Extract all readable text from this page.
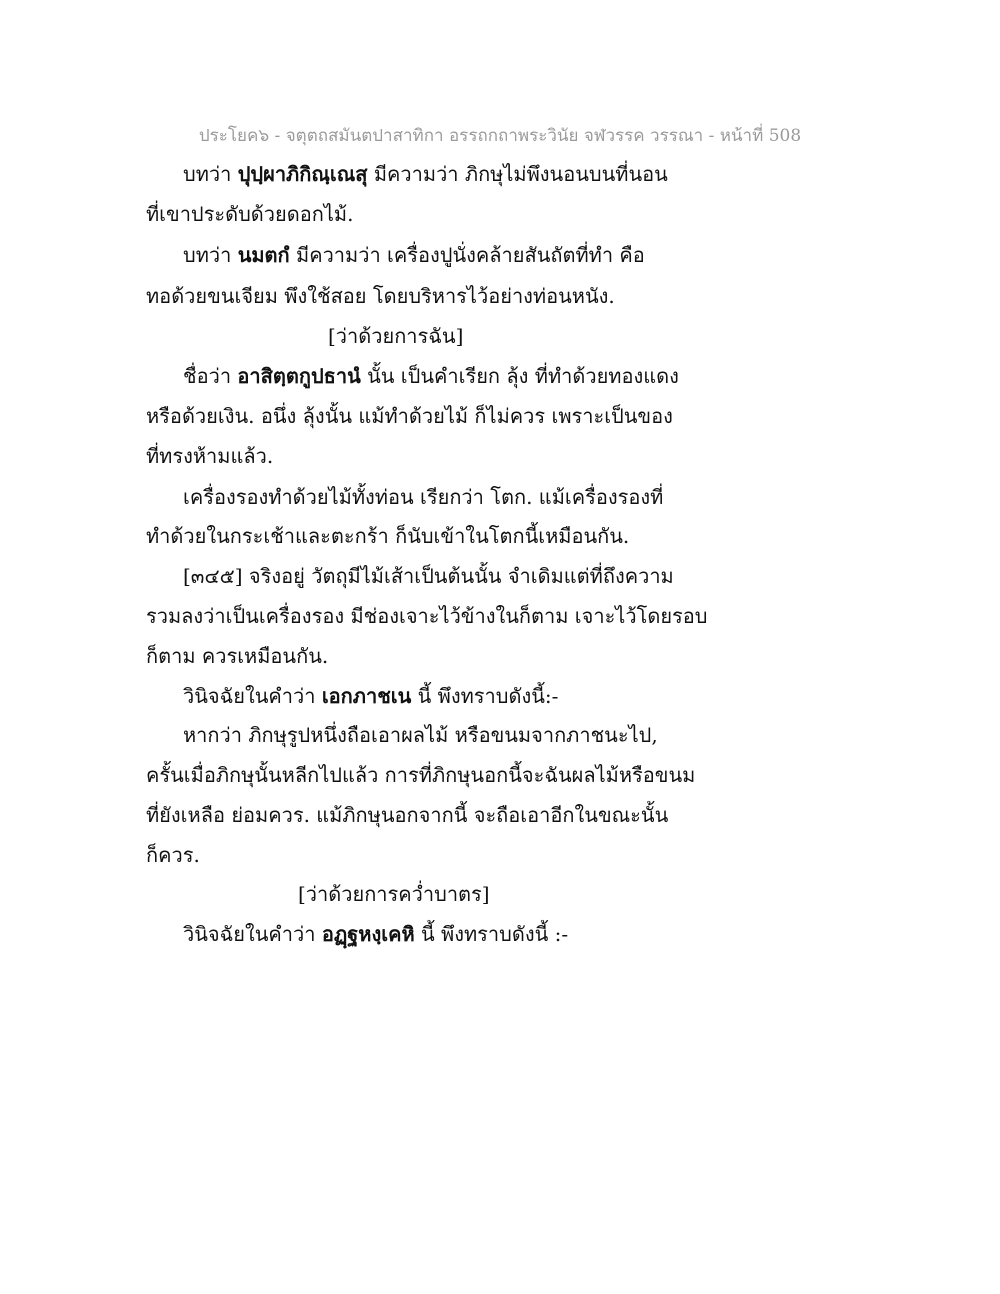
ประโยค๖ - จตุตถสมันตปาสาทิกา อรรถกถาพระวินัย จฬวรรค วรรณา - หน้าที่ 508
บทว่า ปุปฺผาภิกิณฺเณสุ มีความว่า ภิกษุไม่พึงนอนบนที่นอน
ที่เขาประดับด้วยดอกไม้.
บทว่า นมตกํ มีความว่า เครื่องปูนั่งคล้ายสันถัตที่ทำ คือ
ทอด้วยขนเจียม พึงใช้สอย โดยบริหารไว้อย่างท่อนหนัง.
[ว่าด้วยการฉัน]
ชื่อว่า อาสิตฺตกูปธานํ นั้น เป็นคำเรียก ลุ้ง ที่ทำด้วยทองแดง
หรือด้วยเงิน. อนึ่ง ลุ้งนั้น แม้ทำด้วยไม้ ก็ไม่ควร เพราะเป็นของ
ที่ทรงห้ามแล้ว.
เครื่องรองทำด้วยไม้ทั้งท่อน เรียกว่า โตก. แม้เครื่องรองที่
ทำด้วยในกระเช้าและตะกร้า ก็นับเข้าในโตกนี้เหมือนกัน.
[๓๔๕] จริงอยู่ วัตถุมีไม้เส้าเป็นต้นนั้น จำเดิมแต่ที่ถึงความ
รวมลงว่าเป็นเครื่องรอง มีช่องเจาะไว้ข้างในก็ตาม เจาะไว้โดยรอบ
ก็ตาม ควรเหมือนกัน.
วินิจฉัยในคำว่า เอกภาชเน นี้ พึงทราบดังนี้:-
หากว่า ภิกษุรูปหนึ่งถือเอาผลไม้ หรือขนมจากภาชนะไป,
ครั้นเมื่อภิกษุนั้นหลีกไปแล้ว การที่ภิกษุนอกนี้จะฉันผลไม้หรือขนม
ที่ยังเหลือ ย่อมควร. แม้ภิกษุนอกจากนี้ จะถือเอาอีกในขณะนั้น
ก็ควร.
[ว่าด้วยการคว่ำบาตร]
วินิจฉัยในคำว่า อฏฺฐหงฺเคหิ นี้ พึงทราบดังนี้ :-
